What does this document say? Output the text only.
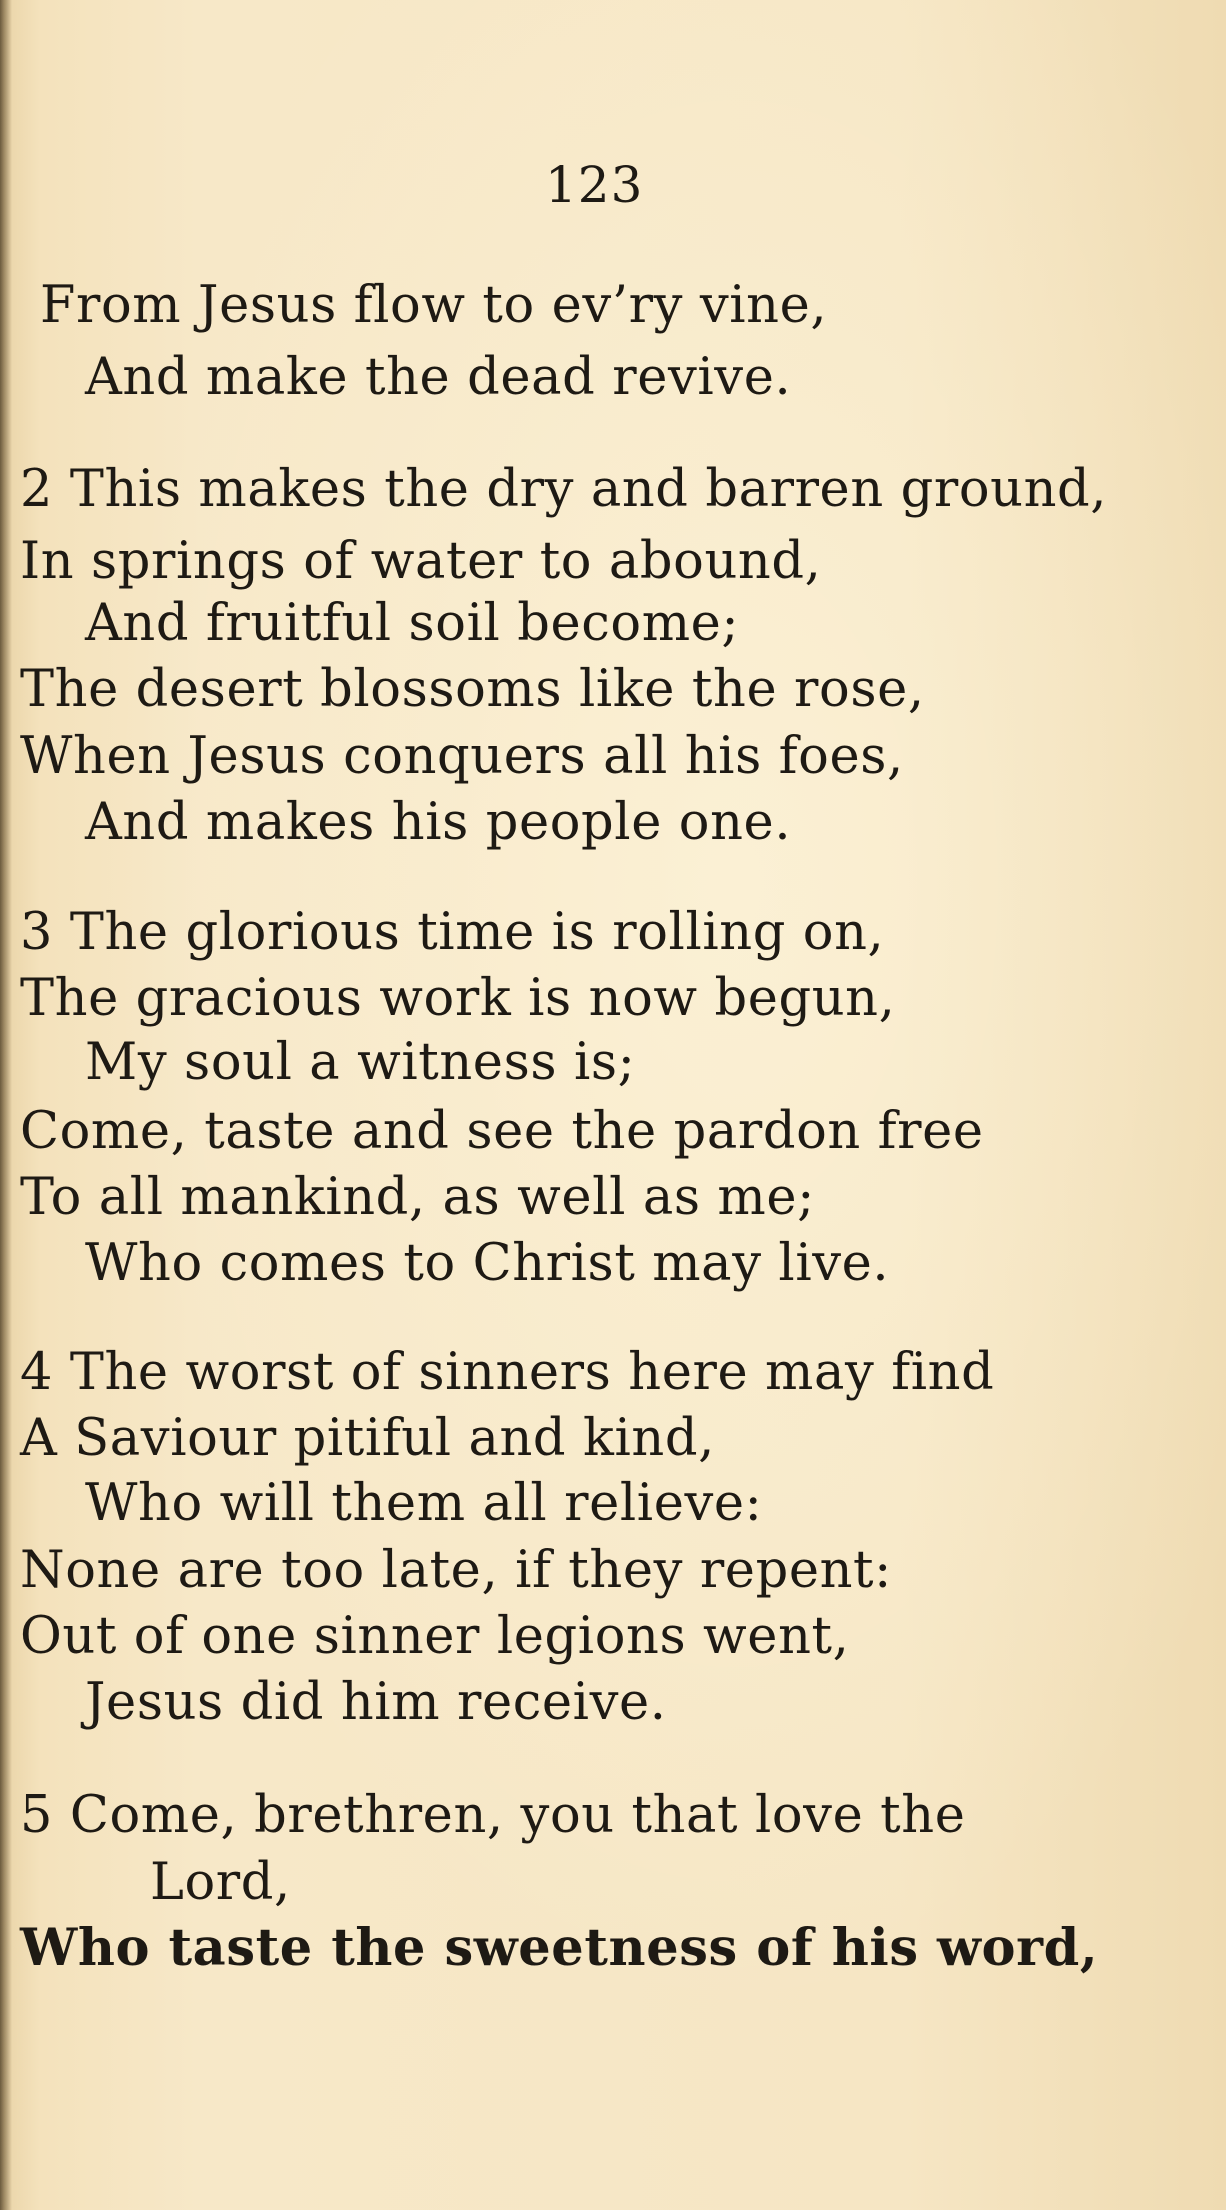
123
From Jesus flow to ev’ry vine,
And make the dead revive.
2 This makes the dry and barren ground,
In springs of water to abound,
And fruitful soil become;
The desert blossoms like the rose,
When Jesus conquers all his foes,
And makes his people one.
3 The glorious time is rolling on,
The gracious work is now begun,
My soul a witness is;
Come, taste and see the pardon free
To all mankind, as well as me;
Who comes to Christ may live.
4 The worst of sinners here may find
A Saviour pitiful and kind,
Who will them all relieve:
None are too late, if they repent:
Out of one sinner legions went,
Jesus did him receive.
5 Come, brethren, you that love the
Lord,
Who taste the sweetness of his word,
